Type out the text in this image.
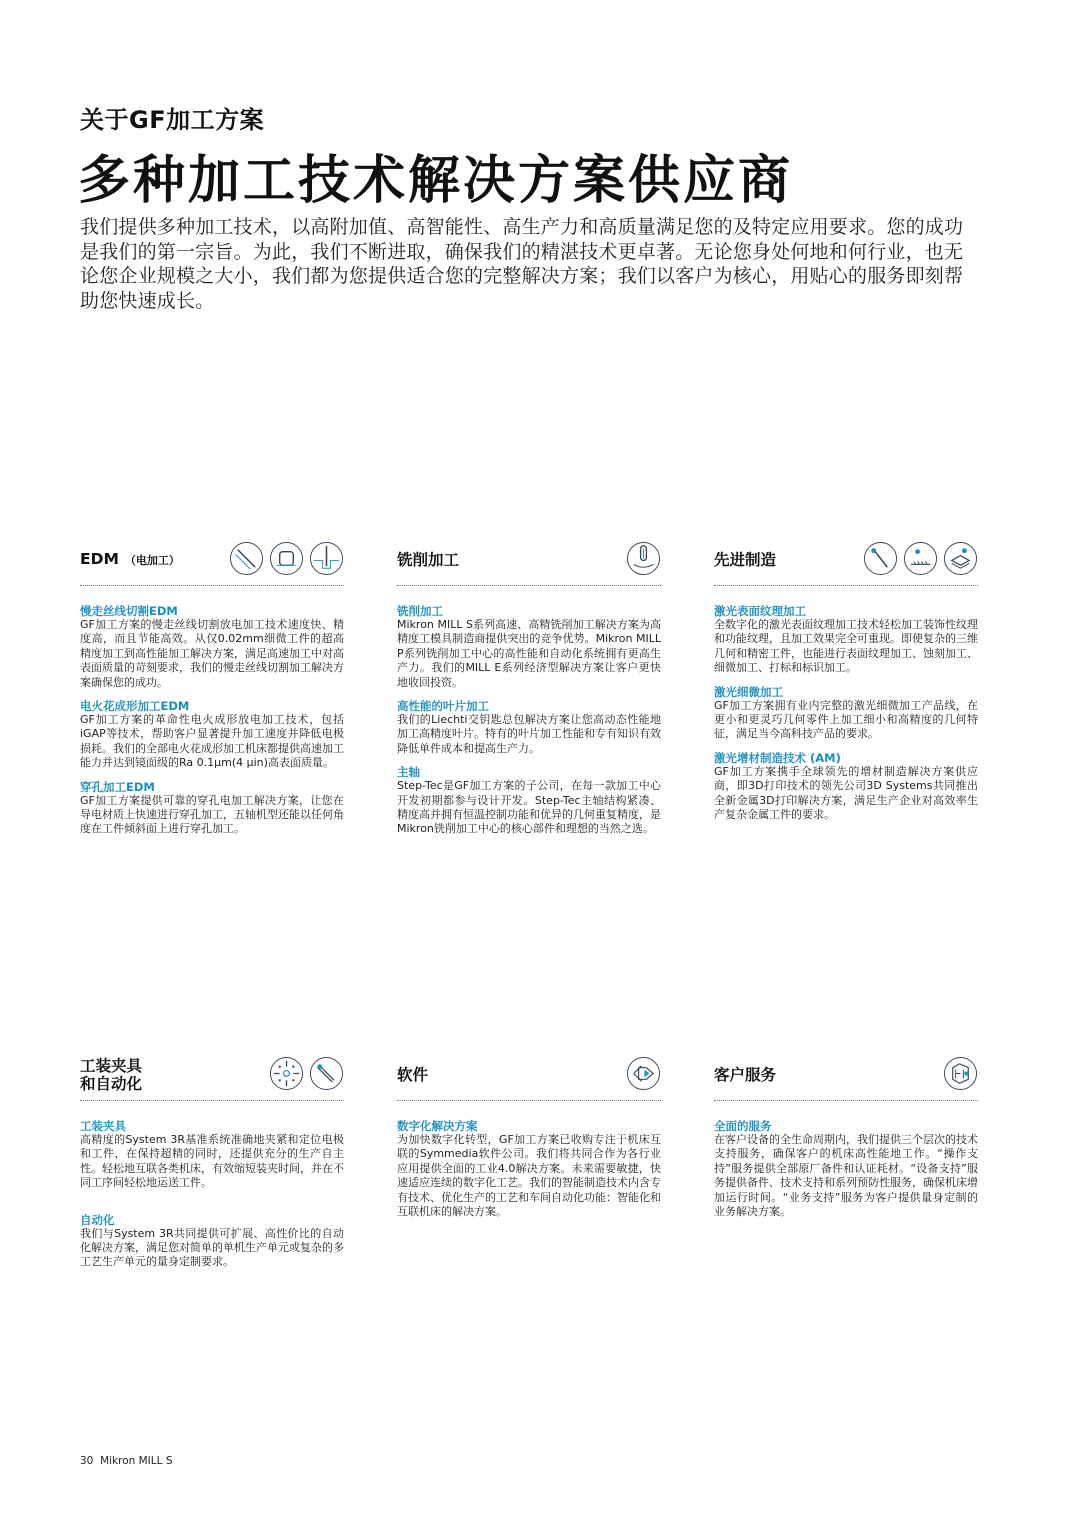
关于GF加工方案
多种加工技术解决方案供应商

我们提供多种加工技术，以高附加值、高智能性、高生产力和高质量满足您的及特定应用要求。您的成功是我们的第一宗旨。为此，我们不断进取，确保我们的精湛技术更卓著。无论您身处何地和何行业，也无论您企业规模之大小，我们都为您提供适合您的完整解决方案；我们以客户为核心，用贴心的服务即刻帮助您快速成长。

EDM （电加工）
慢走丝线切割EDM

GF加工方案的慢走丝线切割放电加工技术速度快、精度高，而且节能高效。从仅0.02mm细微工件的超高精度加工到高性能加工解决方案，满足高速加工中对高表面质量的苛刻要求，我们的慢走丝线切割加工解决方案确保您的成功。

电火花成形加工EDM

GF加工方案的革命性电火成形放电加工技术，包括iGAP等技术，帮助客户显著提升加工速度并降低电极损耗。我们的全部电火花成形加工机床都提供高速加工能力并达到镜面级的Ra 0.1μm(4 μin)高表面质量。

穿孔加工EDM

GF加工方案提供可靠的穿孔电加工解决方案，让您在导电材质上快速进行穿孔加工，五轴机型还能以任何角度在工件倾斜面上进行穿孔加工。

铣削加工
铣削加工

Mikron MILL S系列高速、高精铣削加工解决方案为高精度工模具制造商提供突出的竞争优势。Mikron MILL P系列铣削加工中心的高性能和自动化系统拥有更高生产力。我们的MILL E系列经济型解决方案让客户更快地收回投资。

高性能的叶片加工

我们的Liechti交钥匙总包解决方案让您高动态性能地加工高精度叶片。特有的叶片加工性能和专有知识有效降低单件成本和提高生产力。

主轴

Step-Tec是GF加工方案的子公司，在每一款加工中心开发初期都参与设计开发。Step-Tec主轴结构紧凑、精度高并拥有恒温控制功能和优异的几何重复精度，是Mikron铣削加工中心的核心部件和理想的当然之选。

先进制造
激光表面纹理加工

全数字化的激光表面纹理加工技术轻松加工装饰性纹理和功能纹理，且加工效果完全可重现。即使复杂的三维几何和精密工件，也能进行表面纹理加工、蚀刻加工、细微加工、打标和标识加工。

激光细微加工

GF加工方案拥有业内完整的激光细微加工产品线，在更小和更灵巧几何零件上加工细小和高精度的几何特征，满足当今高科技产品的要求。

激光增材制造技术 (AM)

GF加工方案携手全球领先的增材制造解决方案供应商，即3D打印技术的领先公司3D Systems共同推出全新金属3D打印解决方案，满足生产企业对高效率生产复杂金属工件的要求。

工装夹具
和自动化
工装夹具

高精度的System 3R基准系统准确地夹紧和定位电极和工件，在保持超精的同时，还提供充分的生产自主性。轻松地互联各类机床，有效缩短装夹时间，并在不同工序间轻松地运送工件。

自动化

我们与System 3R共同提供可扩展、高性价比的自动化解决方案，满足您对简单的单机生产单元或复杂的多工艺生产单元的量身定制要求。

软件
数字化解决方案

为加快数字化转型，GF加工方案已收购专注于机床互联的Symmedia软件公司。我们将共同合作为各行业应用提供全面的工业4.0解决方案。未来需要敏捷，快速适应连续的数字化工艺。我们的智能制造技术内含专有技术、优化生产的工艺和车间自动化功能：智能化和互联机床的解决方案。

客户服务
全面的服务

在客户设备的全生命周期内，我们提供三个层次的技术支持服务，确保客户的机床高性能地工作。“操作支持”服务提供全部原厂备件和认证耗材。“设备支持”服务提供备件、技术支持和系列预防性服务，确保机床增加运行时间。“业务支持”服务为客户提供量身定制的业务解决方案。

30 Mikron MILL S
